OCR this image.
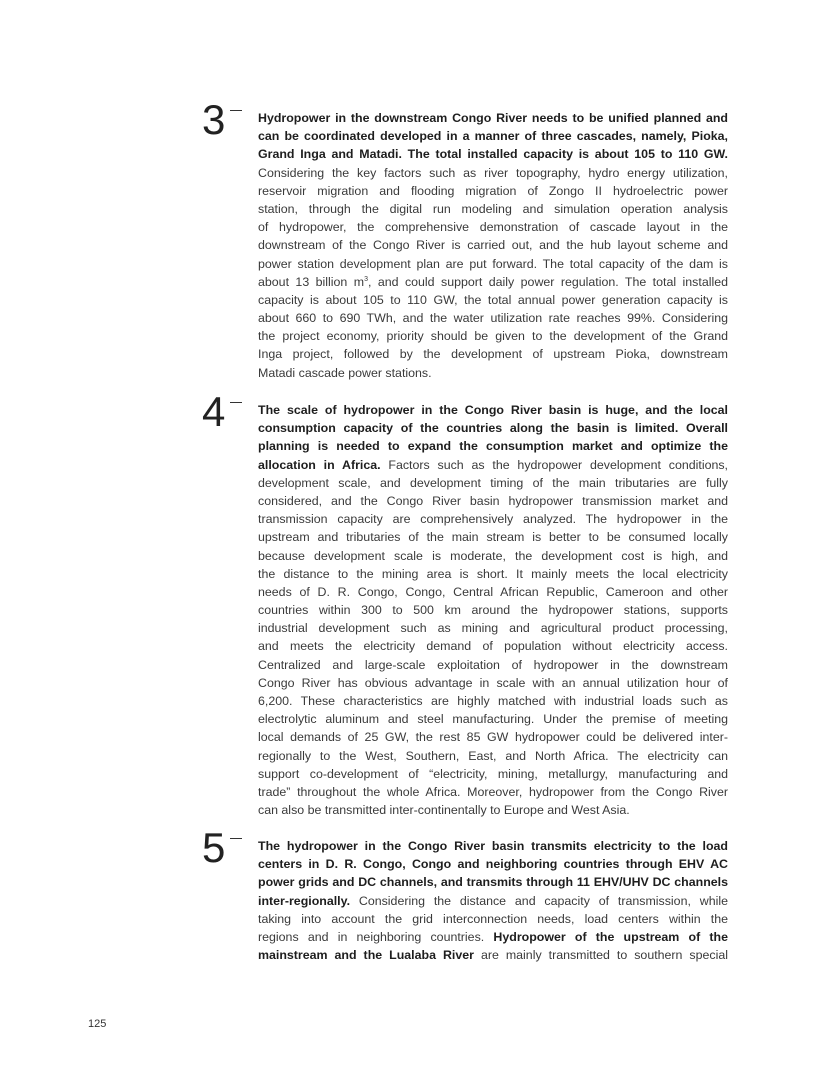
3	Hydropower in the downstream Congo River needs to be unified planned and
can be coordinated developed in a manner of three cascades, namely, Pioka,
Grand Inga and Matadi. The total installed capacity is about 105 to 110 GW.
Considering the key factors such as river topography, hydro energy utilization,
reservoir migration and flooding migration of Zongo II hydroelectric power
station, through the digital run modeling and simulation operation analysis
of hydropower, the comprehensive demonstration of cascade layout in the
downstream of the Congo River is carried out, and the hub layout scheme and
power station development plan are put forward. The total capacity of the dam is
about 13 billion $m^3$, and could support daily power regulation. The total installed
capacity is about 105 to 110 GW, the total annual power generation capacity is
about 660 to 690 TWh, and the water utilization rate reaches 99%. Considering
the project economy, priority should be given to the development of the Grand
Inga project, followed by the development of upstream Pioka, downstream
Matadi cascade power stations.
4	The scale of hydropower in the Congo River basin is huge, and the local
consumption capacity of the countries along the basin is limited. Overall
planning is needed to expand the consumption market and optimize the
allocation in Africa. Factors such as the hydropower development conditions,
development scale, and development timing of the main tributaries are fully
considered, and the Congo River basin hydropower transmission market and
transmission capacity are comprehensively analyzed. The hydropower in the
upstream and tributaries of the main stream is better to be consumed locally
because development scale is moderate, the development cost is high, and
the distance to the mining area is short. It mainly meets the local electricity
needs of D. R. Congo, Congo, Central African Republic, Cameroon and other
countries within 300 to 500 km around the hydropower stations, supports
industrial development such as mining and agricultural product processing,
and meets the electricity demand of population without electricity access.
Centralized and large-scale exploitation of hydropower in the downstream
Congo River has obvious advantage in scale with an annual utilization hour of
6,200. These characteristics are highly matched with industrial loads such as
electrolytic aluminum and steel manufacturing. Under the premise of meeting
local demands of 25 GW, the rest 85 GW hydropower could be delivered inter-
regionally to the West, Southern, East, and North Africa. The electricity can
support co-development of “electricity, mining, metallurgy, manufacturing and
trade” throughout the whole Africa. Moreover, hydropower from the Congo River
can also be transmitted inter-continentally to Europe and West Asia.
5	The hydropower in the Congo River basin transmits electricity to the load
centers in D. R. Congo, Congo and neighboring countries through EHV AC
power grids and DC channels, and transmits through 11 EHV/UHV DC channels
inter-regionally. Considering the distance and capacity of transmission, while
taking into account the grid interconnection needs, load centers within the
regions and in neighboring countries. Hydropower of the upstream of the
mainstream and the Lualaba River are mainly transmitted to southern special
125
